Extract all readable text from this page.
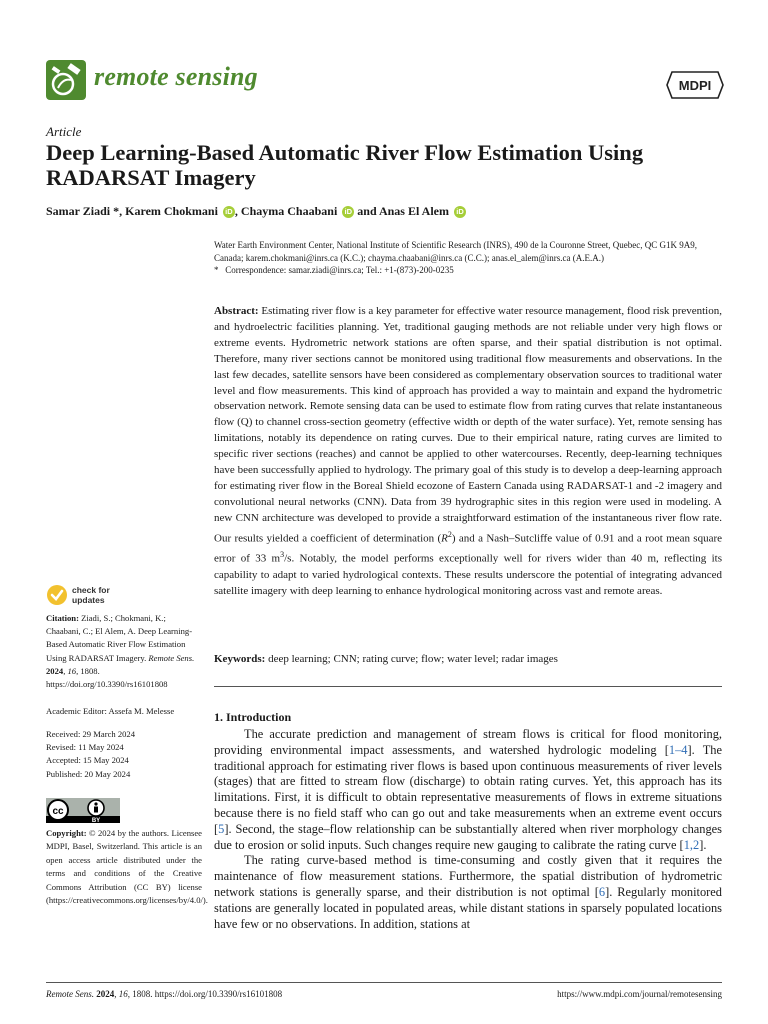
remote sensing	MDPI
Article
Deep Learning-Based Automatic River Flow Estimation Using RADARSAT Imagery
Samar Ziadi *, Karem Chokmani iD , Chayma Chaabani iD and Anas El Alem iD
Water Earth Environment Center, National Institute of Scientific Research (INRS), 490 de la Couronne Street, Quebec, QC G1K 9A9, Canada; karem.chokmani@inrs.ca (K.C.); chayma.chaabani@inrs.ca (C.C.); anas.el_alem@inrs.ca (A.E.A.)
* Correspondence: samar.ziadi@inrs.ca; Tel.: +1-(873)-200-0235
Abstract: Estimating river flow is a key parameter for effective water resource management, flood risk prevention, and hydroelectric facilities planning. Yet, traditional gauging methods are not reliable under very high flows or extreme events. Hydrometric network stations are often sparse, and their spatial distribution is not optimal. Therefore, many river sections cannot be monitored using traditional flow measurements and observations. In the last few decades, satellite sensors have been considered as complementary observation sources to traditional water level and flow measurements. This kind of approach has provided a way to maintain and expand the hydrometric observation network. Remote sensing data can be used to estimate flow from rating curves that relate instantaneous flow (Q) to channel cross-section geometry (effective width or depth of the water surface). Yet, remote sensing has limitations, notably its dependence on rating curves. Due to their empirical nature, rating curves are limited to specific river sections (reaches) and cannot be applied to other watercourses. Recently, deep-learning techniques have been successfully applied to hydrology. The primary goal of this study is to develop a deep-learning approach for estimating river flow in the Boreal Shield ecozone of Eastern Canada using RADARSAT-1 and -2 imagery and convolutional neural networks (CNN). Data from 39 hydrographic sites in this region were used in modeling. A new CNN architecture was developed to provide a straightforward estimation of the instantaneous river flow rate. Our results yielded a coefficient of determination $(R^2)$ and a Nash–Sutcliffe value of 0.91 and a root mean square error of 33 $m^3/s$. Notably, the model performs exceptionally well for rivers wider than 40 m, reflecting its capability to adapt to varied hydrological contexts. These results underscore the potential of integrating advanced satellite imagery with deep learning to enhance hydrological monitoring across vast and remote areas.
Keywords: deep learning; CNN; rating curve; flow; water level; radar images
1. Introduction

The accurate prediction and management of stream flows is critical for flood monitoring, providing environmental impact assessments, and watershed hydrologic modeling [1–4]. The traditional approach for estimating river flows is based upon continuous measurements of river levels (stages) that are fitted to stream flow (discharge) to obtain rating curves. Yet, this approach has its limitations. First, it is difficult to obtain representative measurements of flows in extreme situations because there is no field staff who can go out and take measurements when an extreme event occurs [5]. Second, the stage–flow relationship can be substantially altered when river morphology changes due to erosion or solid inputs. Such changes require new gauging to calibrate the rating curve [1,2].

The rating curve-based method is time-consuming and costly given that it requires the maintenance of flow measurement stations. Furthermore, the spatial distribution of hydrometric network stations is generally sparse, and their distribution is not optimal [6]. Regularly monitored stations are generally located in populated areas, while distant stations in sparsely populated locations have few or no observations. In addition, stations at

check for
updates
Citation: Ziadi, S.; Chokmani, K.; Chaabani, C.; El Alem, A. Deep Learning-Based Automatic River Flow Estimation Using RADARSAT Imagery. Remote Sens. 2024, 16, 1808. https://doi.org/10.3390/rs16101808
Academic Editor: Assefa M. Melesse
Received: 29 March 2024
Revised: 11 May 2024
Accepted: 15 May 2024
Published: 20 May 2024
cc
BY
Copyright: © 2024 by the authors. Licensee MDPI, Basel, Switzerland. This article is an open access article distributed under the terms and conditions of the Creative Commons Attribution (CC BY) license (https://creativecommons.org/licenses/by/4.0/).
Remote Sens. 2024, 16, 1808. https://doi.org/10.3390/rs16101808	https://www.mdpi.com/journal/remotesensing
